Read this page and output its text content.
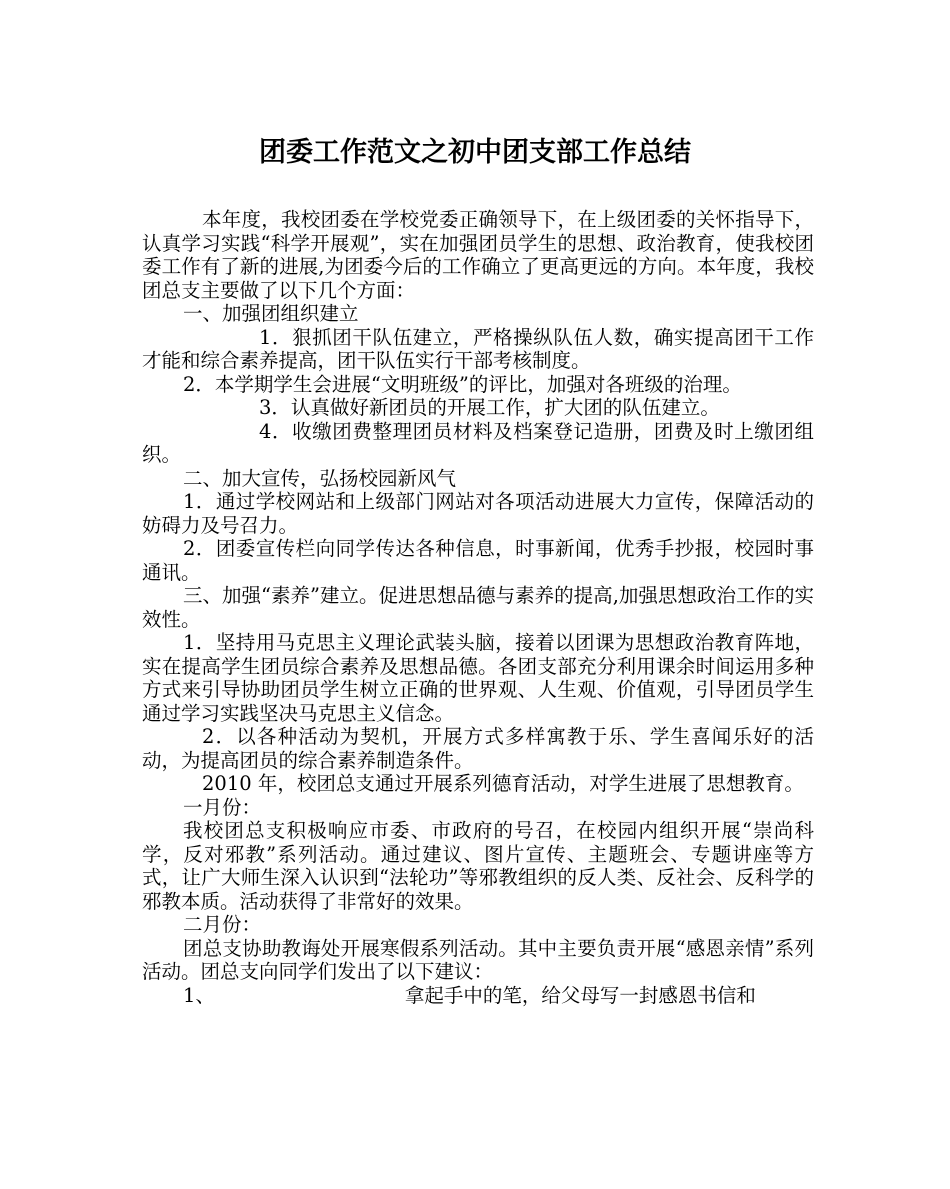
团委工作范文之初中团支部工作总结

本年度，我校团委在学校党委正确领导下，在上级团委的关怀指导下，认真学习实践“科学开展观”，实在加强团员学生的思想、政治教育，使我校团委工作有了新的进展,为团委今后的工作确立了更高更远的方向。本年度，我校团总支主要做了以下几个方面：

一、加强团组织建立

1．狠抓团干队伍建立，严格操纵队伍人数，确实提高团干工作才能和综合素养提高，团干队伍实行干部考核制度。

2．本学期学生会进展“文明班级”的评比，加强对各班级的治理。

3．认真做好新团员的开展工作，扩大团的队伍建立。

4．收缴团费整理团员材料及档案登记造册，团费及时上缴团组织。

二、加大宣传，弘扬校园新风气

1．通过学校网站和上级部门网站对各项活动进展大力宣传，保障活动的妨碍力及号召力。

2．团委宣传栏向同学传达各种信息，时事新闻，优秀手抄报，校园时事通讯。

三、加强“素养”建立。促进思想品德与素养的提高,加强思想政治工作的实效性。

1．坚持用马克思主义理论武装头脑，接着以团课为思想政治教育阵地，实在提高学生团员综合素养及思想品德。各团支部充分利用课余时间运用多种方式来引导协助团员学生树立正确的世界观、人生观、价值观，引导团员学生通过学习实践坚决马克思主义信念。

2．以各种活动为契机，开展方式多样寓教于乐、学生喜闻乐好的活动，为提高团员的综合素养制造条件。

2010 年，校团总支通过开展系列德育活动，对学生进展了思想教育。

一月份：

我校团总支积极响应市委、市政府的号召，在校园内组织开展“崇尚科学，反对邪教”系列活动。通过建议、图片宣传、主题班会、专题讲座等方式，让广大师生深入认识到“法轮功”等邪教组织的反人类、反社会、反科学的邪教本质。活动获得了非常好的效果。

二月份：

团总支协助教诲处开展寒假系列活动。其中主要负责开展“感恩亲情”系列活动。团总支向同学们发出了以下建议：

1、	拿起手中的笔，给父母写一封感恩书信和
